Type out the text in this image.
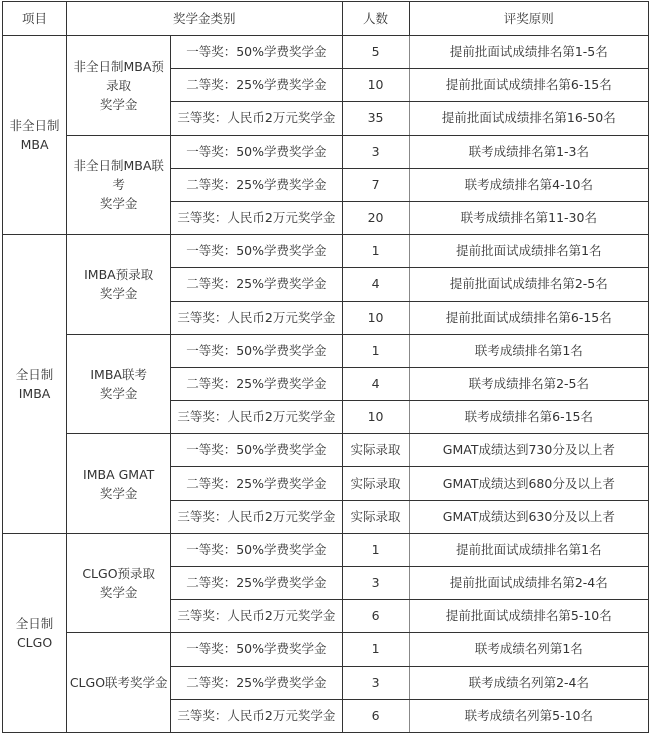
项目	奖学金类别		人数	评奖原则

非全日制
MBA

非全日制MBA预
录取
奖学金
	一等奖：50%学费奖学金	5	提前批面试成绩排名第1-5名
		二等奖：25%学费奖学金	10	提前批面试成绩排名第6-15名
		三等奖：人民币2万元奖学金	35	提前批面试成绩排名第16-50名

	非全日制MBA联
考
奖学金	一等奖：50%学费奖学金	3	联考成绩排名第1-3名
		二等奖：25%学费奖学金	7	联考成绩排名第4-10名
		三等奖：人民币2万元奖学金	20	联考成绩排名第11-30名

全日制
IMBA

IMBA预录取
奖学金
	一等奖：50%学费奖学金	1	提前批面试成绩排名第1名
		二等奖：25%学费奖学金	4	提前批面试成绩排名第2-5名
		三等奖：人民币2万元奖学金	10	提前批面试成绩排名第6-15名

	IMBA联考
奖学金	一等奖：50%学费奖学金	1	联考成绩排名第1名
		二等奖：25%学费奖学金	4	联考成绩排名第2-5名
		三等奖：人民币2万元奖学金	10	联考成绩排名第6-15名

	IMBA GMAT
奖学金	一等奖：50%学费奖学金	实际录取	GMAT成绩达到730分及以上者
		二等奖：25%学费奖学金	实际录取	GMAT成绩达到680分及以上者
		三等奖：人民币2万元奖学金	实际录取	GMAT成绩达到630分及以上者

全日制
CLGO

CLGO预录取
奖学金
	一等奖：50%学费奖学金	1	提前批面试成绩排名第1名
		二等奖：25%学费奖学金	3	提前批面试成绩排名第2-4名
		三等奖：人民币2万元奖学金	6	提前批面试成绩排名第5-10名

	CLGO联考奖学金	一等奖：50%学费奖学金	1	联考成绩名列第1名
		二等奖：25%学费奖学金	3	联考成绩名列第2-4名
		三等奖：人民币2万元奖学金	6	联考成绩名列第5-10名
